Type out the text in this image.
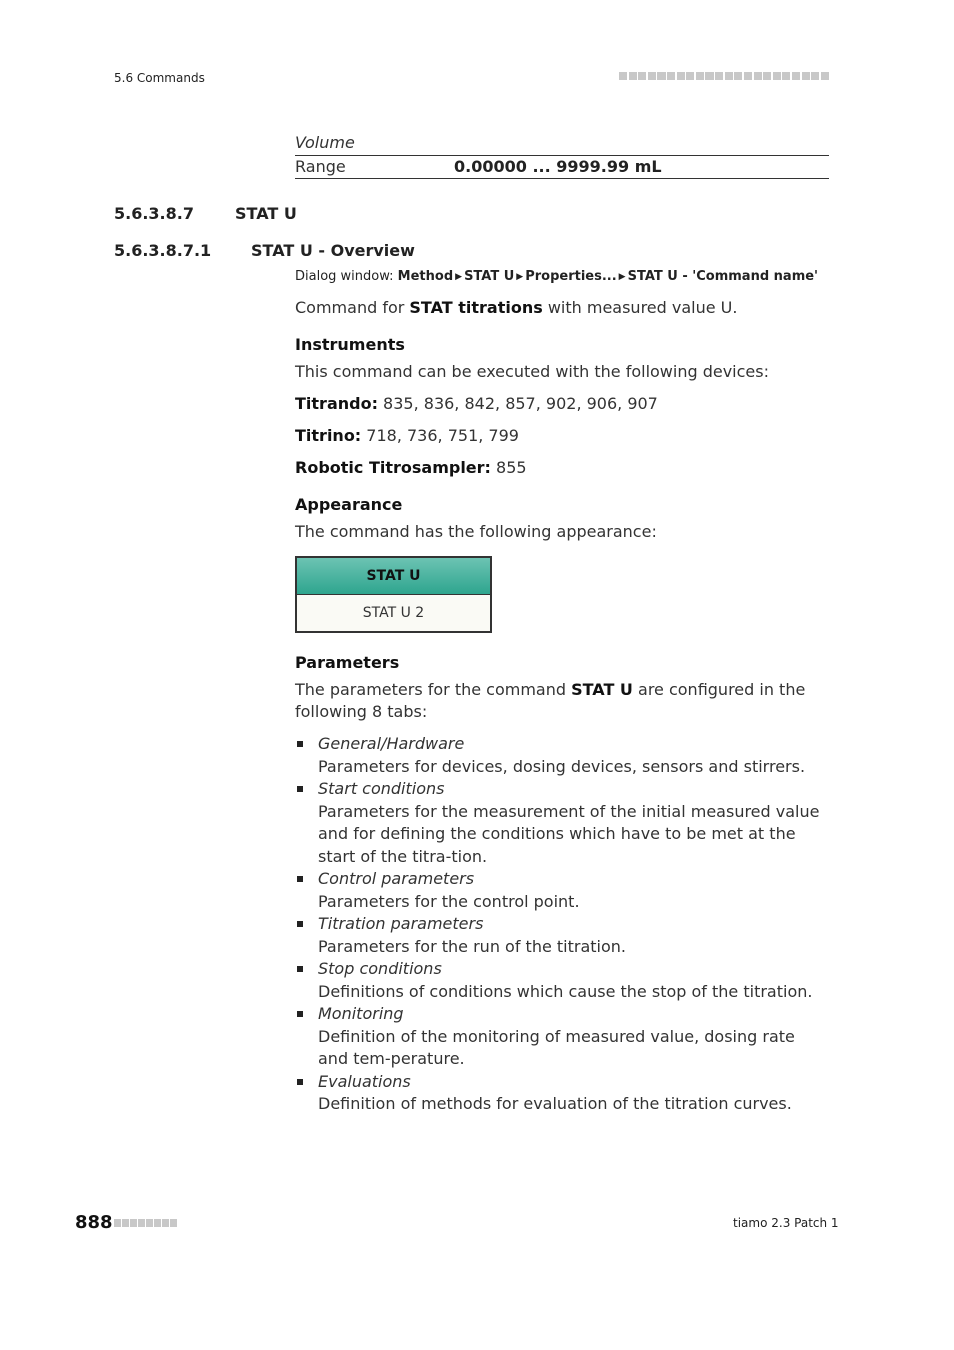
5.6 Commands
Volume
Range	0.00000 ... 9999.99 mL
5.6.3.8.7	STAT U
5.6.3.8.7.1 STAT U - Overview
Dialog window: Method ▶ STAT U ▶ Properties... ▶ STAT U - 'Command name'
Command for STAT titrations with measured value U.
Instruments
This command can be executed with the following devices:
Titrando: 835, 836, 842, 857, 902, 906, 907
Titrino: 718, 736, 751, 799
Robotic Titrosampler: 855
Appearance
The command has the following appearance:
STAT U
STAT U 2
Parameters
The parameters for the command STAT U are configured in the following 8 tabs:
General/Hardware
Parameters for devices, dosing devices, sensors and stirrers.
Start conditions
Parameters for the measurement of the initial measured value and for defining the conditions which have to be met at the start of the titra-tion.
Control parameters
Parameters for the control point.
Titration parameters
Parameters for the run of the titration.
Stop conditions
Definitions of conditions which cause the stop of the titration.
Monitoring
Definition of the monitoring of measured value, dosing rate and tem-perature.
Evaluations
Definition of methods for evaluation of the titration curves.
888	tiamo 2.3 Patch 1
